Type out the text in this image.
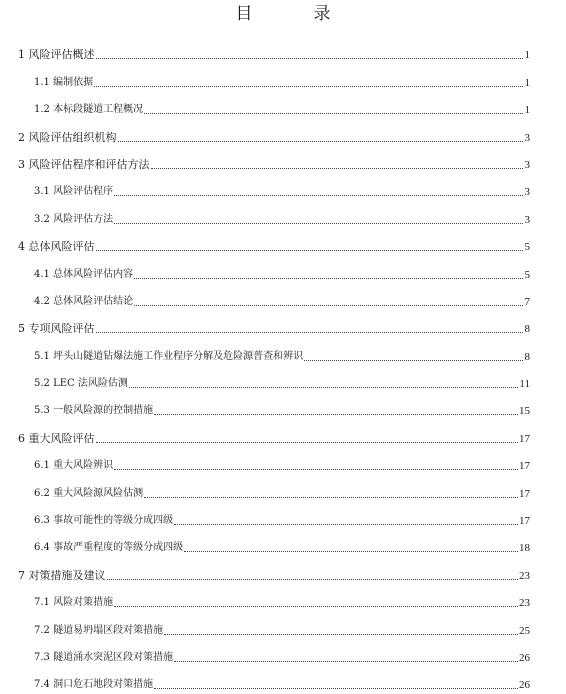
目　录
1 风险评估概述	1
1.1 编制依据	1
1.2 本标段隧道工程概况	1
2 风险评估组织机构	3
3 风险评估程序和评估方法	3
3.1 风险评估程序	3
3.2 风险评估方法	3
4 总体风险评估	5
4.1 总体风险评估内容	5
4.2 总体风险评估结论	7
5 专项风险评估	8
5.1 坪头山隧道钻爆法施工作业程序分解及危险源普查和辨识	8
5.2 LEC 法风险估测	11
5.3 一般风险源的控制措施	15
6 重大风险评估	17
6.1 重大风险辨识	17
6.2 重大风险源风险估测	17
6.3 事故可能性的等级分成四级	17
6.4 事故严重程度的等级分成四级	18
7 对策措施及建议	23
7.1 风险对策措施	23
7.2 隧道易坍塌区段对策措施	25
7.3 隧道涌水突泥区段对策措施	26
7.4 洞口危石地段对策措施	26
